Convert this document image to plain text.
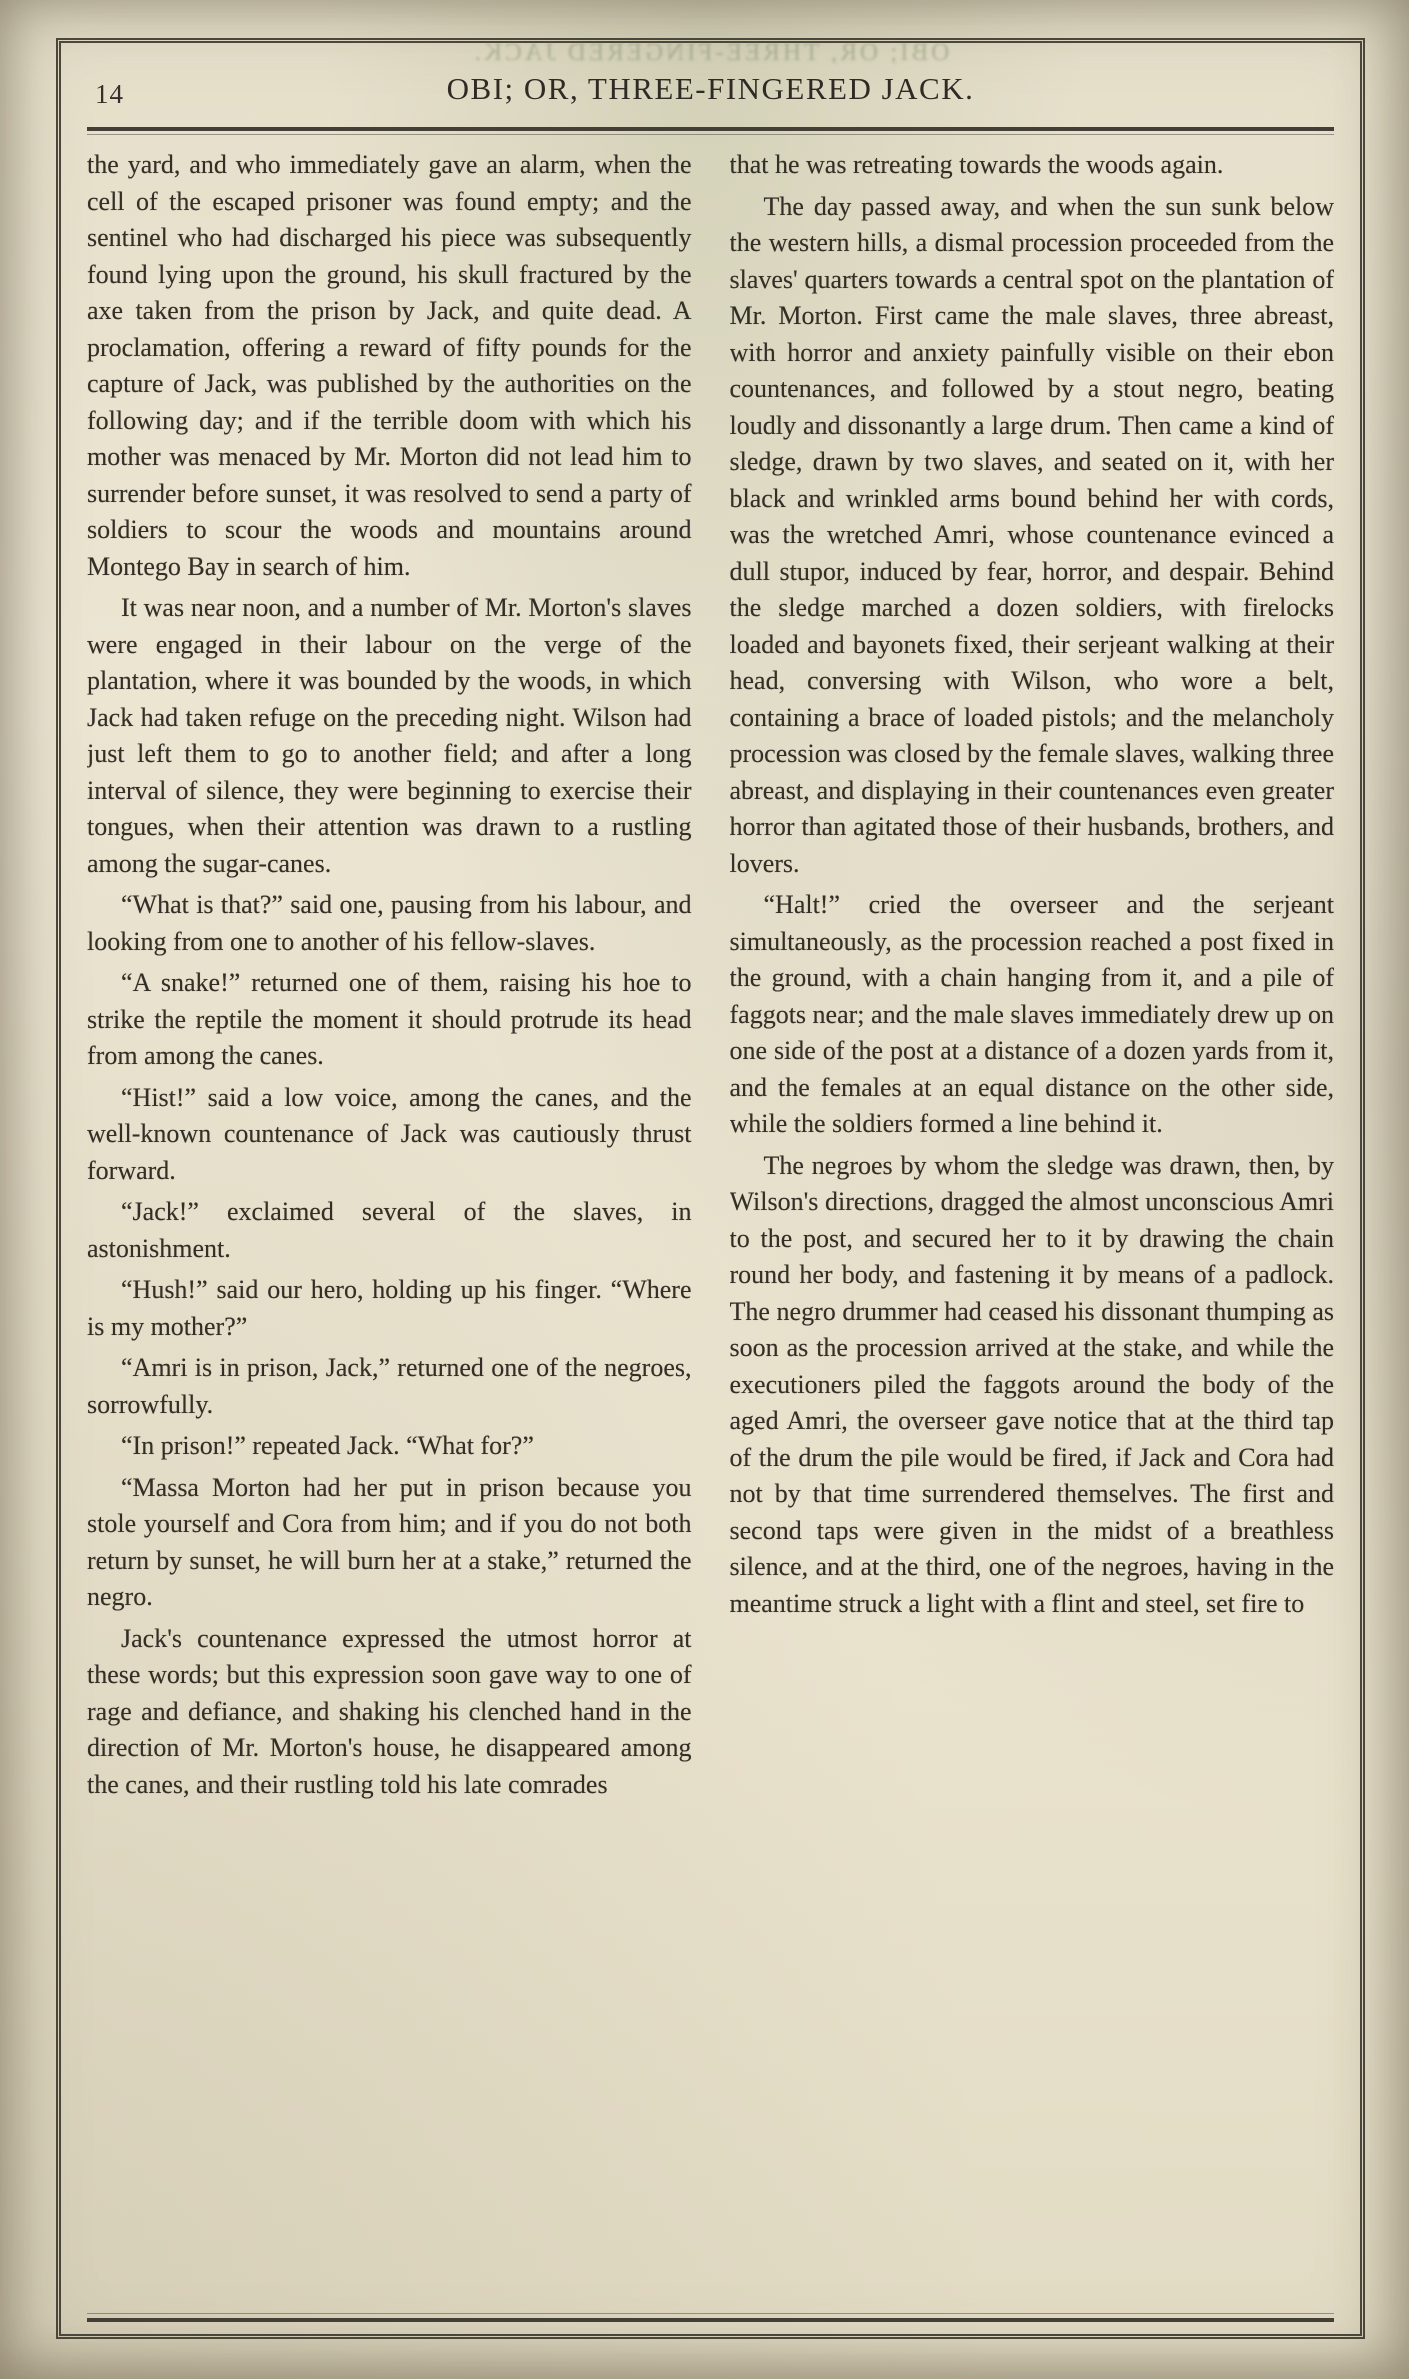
OBI; OR, THREE-FINGERED JACK.
14	OBI; OR, THREE-FINGERED JACK.

the yard, and who immediately gave an alarm, when the cell of the escaped prisoner was found empty; and the sentinel who had discharged his piece was subsequently found lying upon the ground, his skull fractured by the axe taken from the prison by Jack, and quite dead. A proclamation, offering a reward of fifty pounds for the capture of Jack, was published by the authorities on the following day; and if the terrible doom with which his mother was menaced by Mr. Morton did not lead him to surrender before sunset, it was resolved to send a party of soldiers to scour the woods and mountains around Montego Bay in search of him.

It was near noon, and a number of Mr. Morton's slaves were engaged in their labour on the verge of the plantation, where it was bounded by the woods, in which Jack had taken refuge on the preceding night. Wilson had just left them to go to another field; and after a long interval of silence, they were beginning to exercise their tongues, when their attention was drawn to a rustling among the sugar-canes.

“What is that?” said one, pausing from his labour, and looking from one to another of his fellow-slaves.

“A snake!” returned one of them, raising his hoe to strike the reptile the moment it should protrude its head from among the canes.

“Hist!” said a low voice, among the canes, and the well-known countenance of Jack was cautiously thrust forward.

“Jack!” exclaimed several of the slaves, in astonishment.

“Hush!” said our hero, holding up his finger. “Where is my mother?”

“Amri is in prison, Jack,” returned one of the negroes, sorrowfully.

“In prison!” repeated Jack. “What for?”

“Massa Morton had her put in prison because you stole yourself and Cora from him; and if you do not both return by sunset, he will burn her at a stake,” returned the negro.

Jack's countenance expressed the utmost horror at these words; but this expression soon gave way to one of rage and defiance, and shaking his clenched hand in the direction of Mr. Morton's house, he disappeared among the canes, and their rustling told his late comrades

that he was retreating towards the woods again.

The day passed away, and when the sun sunk below the western hills, a dismal procession proceeded from the slaves' quarters towards a central spot on the plantation of Mr. Morton. First came the male slaves, three abreast, with horror and anxiety painfully visible on their ebon countenances, and followed by a stout negro, beating loudly and dissonantly a large drum. Then came a kind of sledge, drawn by two slaves, and seated on it, with her black and wrinkled arms bound behind her with cords, was the wretched Amri, whose countenance evinced a dull stupor, induced by fear, horror, and despair. Behind the sledge marched a dozen soldiers, with firelocks loaded and bayonets fixed, their serjeant walking at their head, conversing with Wilson, who wore a belt, containing a brace of loaded pistols; and the melancholy procession was closed by the female slaves, walking three abreast, and displaying in their countenances even greater horror than agitated those of their husbands, brothers, and lovers.

“Halt!” cried the overseer and the serjeant simultaneously, as the procession reached a post fixed in the ground, with a chain hanging from it, and a pile of faggots near; and the male slaves immediately drew up on one side of the post at a distance of a dozen yards from it, and the females at an equal distance on the other side, while the soldiers formed a line behind it.

The negroes by whom the sledge was drawn, then, by Wilson's directions, dragged the almost unconscious Amri to the post, and secured her to it by drawing the chain round her body, and fastening it by means of a padlock. The negro drummer had ceased his dissonant thumping as soon as the procession arrived at the stake, and while the executioners piled the faggots around the body of the aged Amri, the overseer gave notice that at the third tap of the drum the pile would be fired, if Jack and Cora had not by that time surrendered themselves. The first and second taps were given in the midst of a breathless silence, and at the third, one of the negroes, having in the meantime struck a light with a flint and steel, set fire to
